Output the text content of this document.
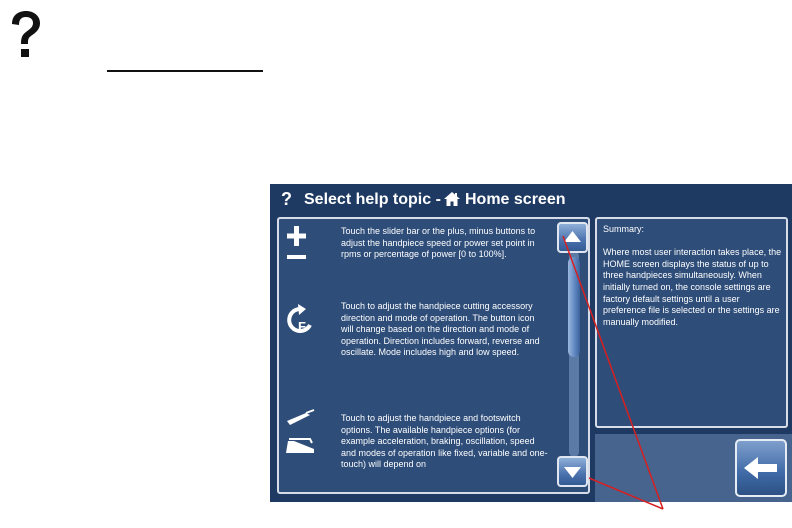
? Select help topic - Home screen
Touch the slider bar or the plus, minus buttons to adjust the handpiece speed or power set point in rpms or percentage of power [0 to 100%].
F
Touch to adjust the handpiece cutting accessory direction and mode of operation. The button icon will change based on the direction and mode of operation. Direction includes forward, reverse and oscillate. Mode includes high and low speed.
Touch to adjust the handpiece and footswitch options. The available handpiece options (for example acceleration, braking, oscillation, speed and modes of operation like fixed, variable and one-touch) will depend on
Summary:
Where most user interaction takes place, the HOME screen displays the status of up to three handpieces simultaneously. When initially turned on, the console settings are factory default settings until a user preference file is selected or the settings are manually modified.
